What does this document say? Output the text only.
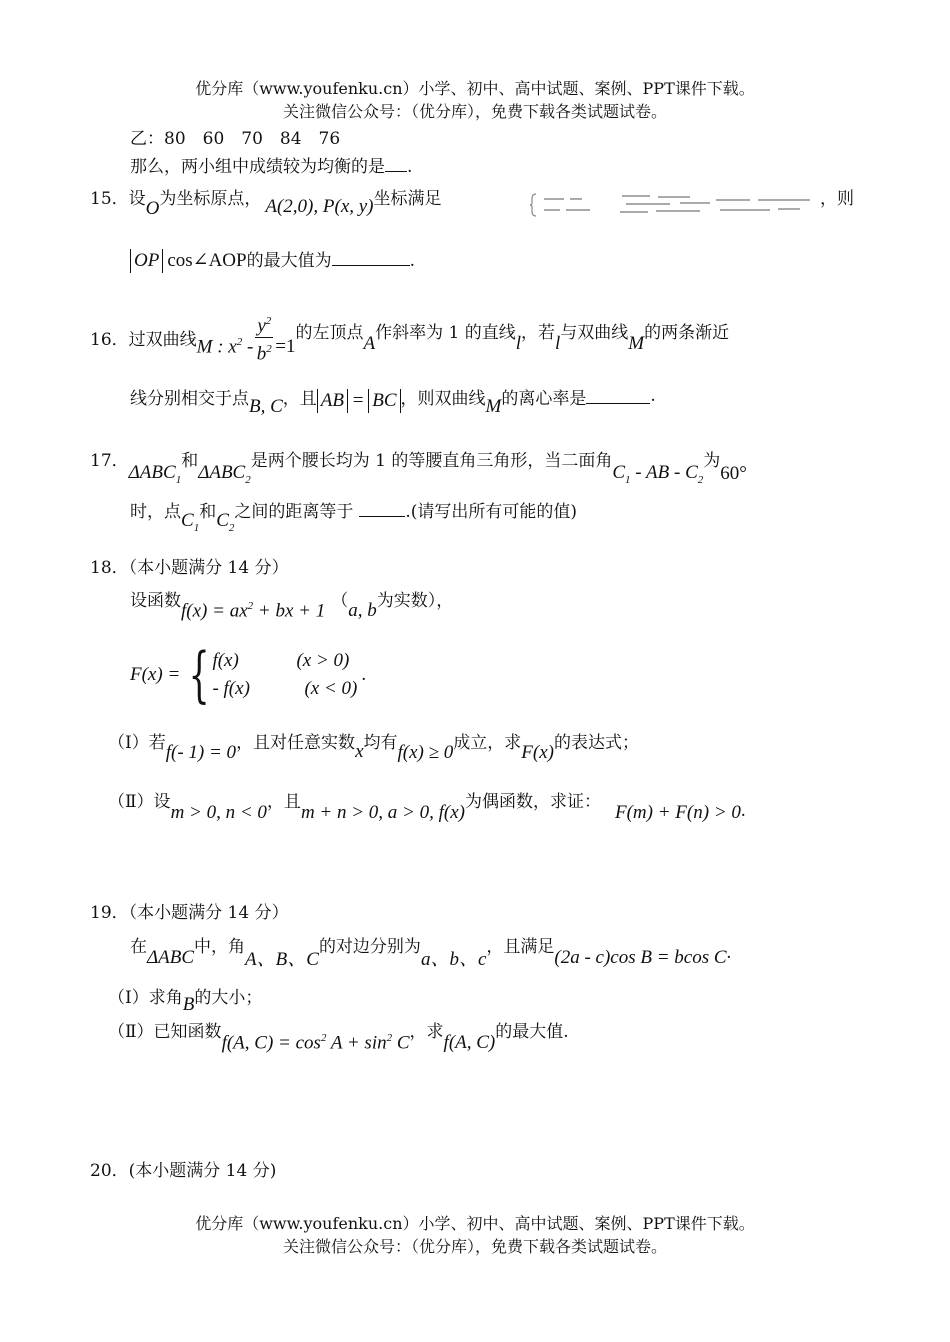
优分库（www.youfenku.cn）小学、初中、高中试题、案例、PPT课件下载。
关注微信公众号：（优分库），免费下载各类试题试卷。
乙：80　60　70　84　76
那么，两小组中成绩较为均衡的是 .
15．设O为坐标原点， A(2,0), P(x, y)坐标满足	，则
OP cos∠AOP的最大值为	.
16． 过双曲线 M : $x^2 - \frac{y^2}{b^2} =1$
的左顶点 A 作斜率为 1 的直线 l ，若 l 与双曲线 M 的两条渐近
线分别相交于点 B, C ，且 AB = BC ，则双曲线 M 的离心率是	.
17．
$\Delta ABC_1$
和
$\Delta ABC_2$
是两个腰长均为 1 的等腰直角三角形，当二面角
$C_1$ - AB - $C_2$
为
60°
时，点 $C_1$
和 $C_2$
之间的距离等于	.(请写出所有可能的值)
18．（本小题满分 14 分）
设函数 $f(x) = ax^2$ + bx + 1 （ a, b 为实数），
F(x) = { f(x)	(x > 0)
- f(x)	(x < 0)
.
（Ⅰ）若 f(- 1) = 0 ，且对任意实数 x 均有 f(x) ≥ 0 成立，求 F(x) 的表达式；
（Ⅱ）设
m > 0, n < 0
，且
m + n > 0, a > 0, f(x)
为偶函数，求证：
F(m) + F(n) > 0 .
19．（本小题满分 14 分）
在 ΔABC 中，角
A、B、C
的对边分别为
a、b、c
，且满足 (2a - c)cos B = bcos C .
（Ⅰ）求角 B 的大小；
（Ⅱ）已知函数
f(A, $C) = \cos^2 A + \sin^2 C$
，求
f(A, C)
的最大值.
20．(本小题满分 14 分)
优分库（www.youfenku.cn）小学、初中、高中试题、案例、PPT课件下载。
关注微信公众号：（优分库），免费下载各类试题试卷。
